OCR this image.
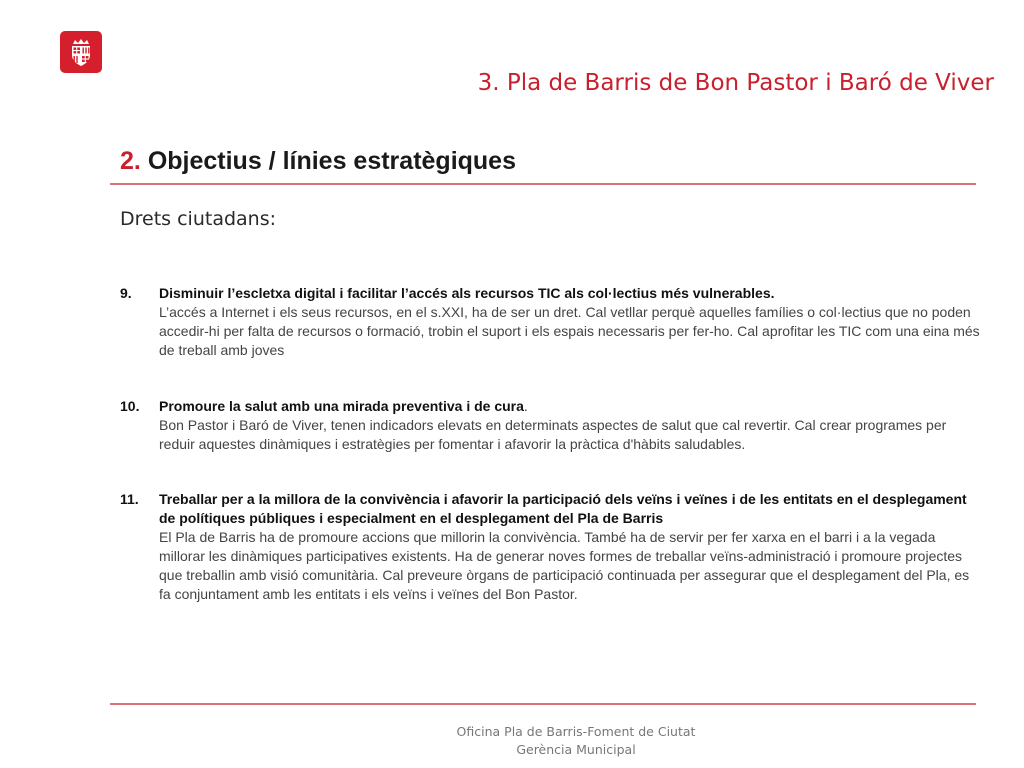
3. Pla de Barris de Bon Pastor i Baró de Viver
2. Objectius / línies estratègiques
Drets ciutadans:
9. Disminuir l’escletxa digital i facilitar l’accés als recursos TIC als col·lectius més vulnerables.
L’accés a Internet i els seus recursos, en el s.XXI, ha de ser un dret. Cal vetllar perquè aquelles famílies o col·lectius que no poden accedir-hi per falta de recursos o formació, trobin el suport i els espais necessaris per fer-ho. Cal aprofitar les TIC com una eina més de treball amb joves
10. Promoure la salut amb una mirada preventiva i de cura.
Bon Pastor i Baró de Viver, tenen indicadors elevats en determinats aspectes de salut que cal revertir. Cal crear programes per reduir aquestes dinàmiques i estratègies per fomentar i afavorir la pràctica d'hàbits saludables.
11. Treballar per a la millora de la convivència i afavorir la participació dels veïns i veïnes i de les entitats en el desplegament de polítiques públiques i especialment en el desplegament del Pla de Barris
El Pla de Barris ha de promoure accions que millorin la convivència. També ha de servir per fer xarxa en el barri i a la vegada millorar les dinàmiques participatives existents. Ha de generar noves formes de treballar veïns-administració i promoure projectes que treballin amb visió comunitària. Cal preveure òrgans de participació continuada per assegurar que el desplegament del Pla, es fa conjuntament amb les entitats i els veïns i veïnes del Bon Pastor.
Oficina Pla de Barris-Foment de Ciutat
Gerència Municipal
